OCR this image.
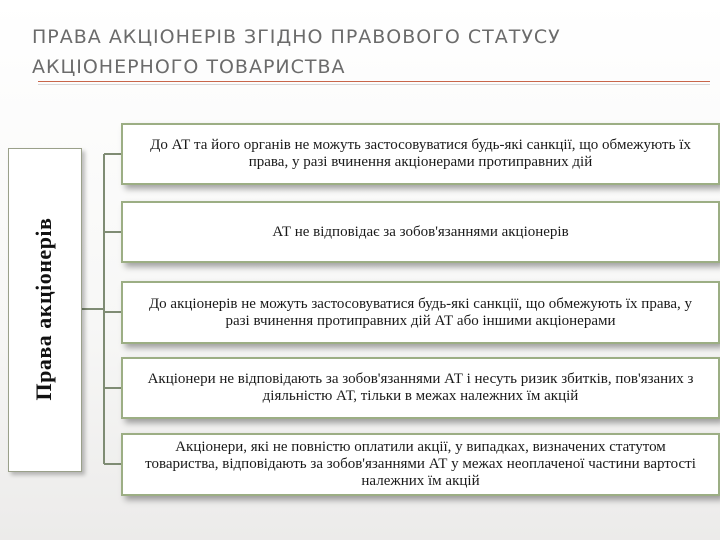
ПРАВА АКЦІОНЕРІВ ЗГІДНО ПРАВОВОГО СТАТУСУ АКЦІОНЕРНОГО ТОВАРИСТВА
Права акціонерів
До АТ та його органів не можуть застосовуватися будь-які санкції, що обмежують їх права, у разі вчинення акціонерами протиправних дій
АТ не відповідає за зобов'язаннями акціонерів
До акціонерів не можуть застосовуватися будь-які санкції, що обмежують їх права, у разі вчинення протиправних дій АТ або іншими акціонерами
Акціонери не відповідають за зобов'язаннями АТ і несуть ризик збитків, пов'язаних з діяльністю АТ, тільки в межах належних їм акцій
Акціонери, які не повністю оплатили акції, у випадках, визначених статутом товариства, відповідають за зобов'язаннями АТ у межах неоплаченої частини вартості належних їм акцій
